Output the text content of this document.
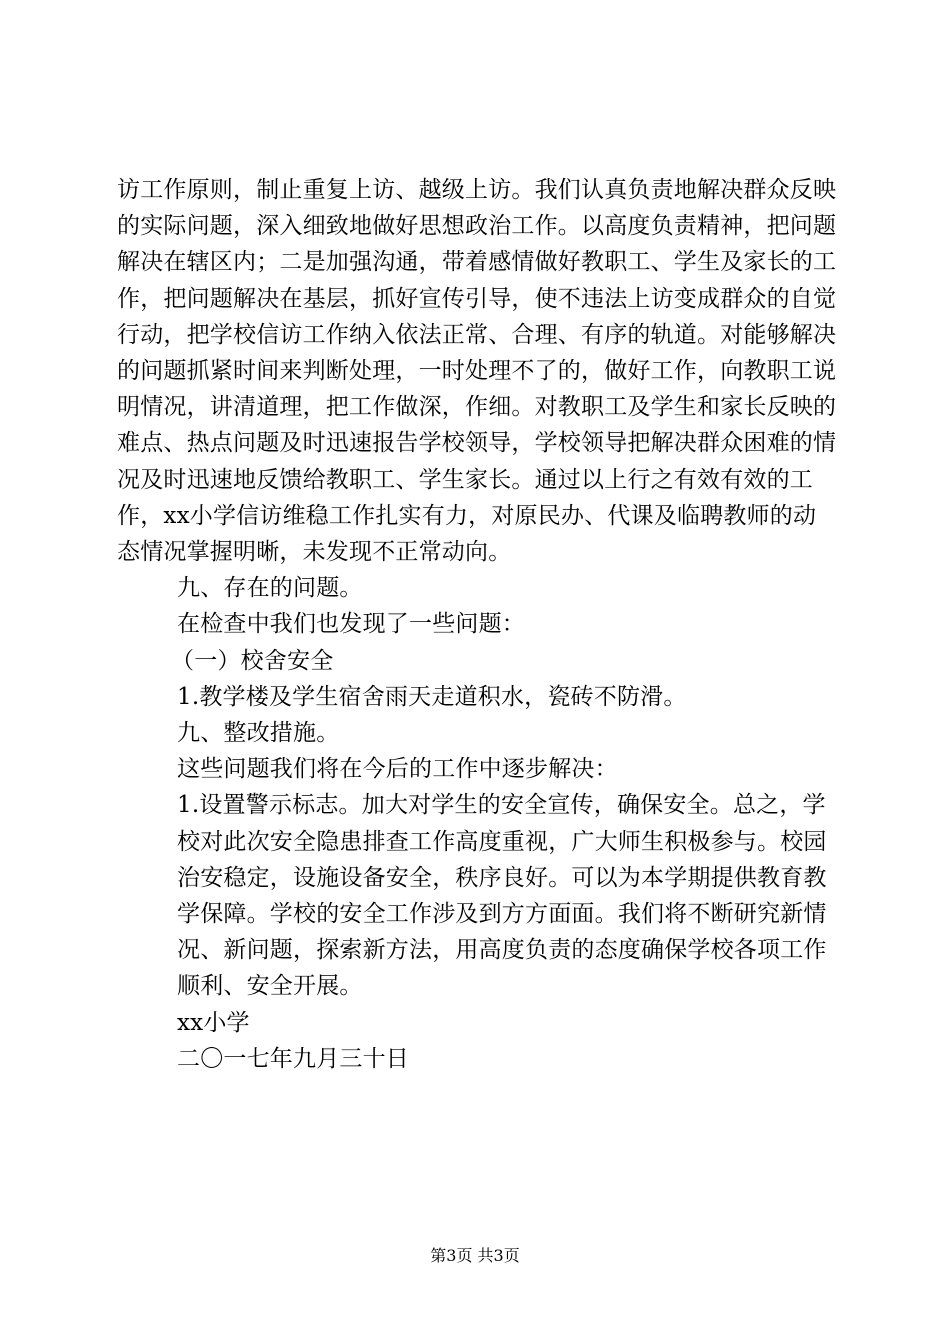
访工作原则，制止重复上访、越级上访。我们认真负责地解决群众反映的实际问题，深入细致地做好思想政治工作。以高度负责精神，把问题解决在辖区内；二是加强沟通，带着感情做好教职工、学生及家长的工作，把问题解决在基层，抓好宣传引导，使不违法上访变成群众的自觉行动，把学校信访工作纳入依法正常、合理、有序的轨道。对能够解决的问题抓紧时间来判断处理，一时处理不了的，做好工作，向教职工说明情况，讲清道理，把工作做深，作细。对教职工及学生和家长反映的难点、热点问题及时迅速报告学校领导，学校领导把解决群众困难的情况及时迅速地反馈给教职工、学生家长。通过以上行之有效有效的工作，xx小学信访维稳工作扎实有力，对原民办、代课及临聘教师的动态情况掌握明晰，未发现不正常动向。

九、存在的问题。

在检查中我们也发现了一些问题：

（一）校舍安全

1.教学楼及学生宿舍雨天走道积水，瓷砖不防滑。

九、整改措施。

这些问题我们将在今后的工作中逐步解决：

1.设置警示标志。加大对学生的安全宣传，确保安全。总之，学校对此次安全隐患排查工作高度重视，广大师生积极参与。校园治安稳定，设施设备安全，秩序良好。可以为本学期提供教育教学保障。学校的安全工作涉及到方方面面。我们将不断研究新情况、新问题，探索新方法，用高度负责的态度确保学校各项工作顺利、安全开展。

xx小学

二〇一七年九月三十日

第3页 共3页
